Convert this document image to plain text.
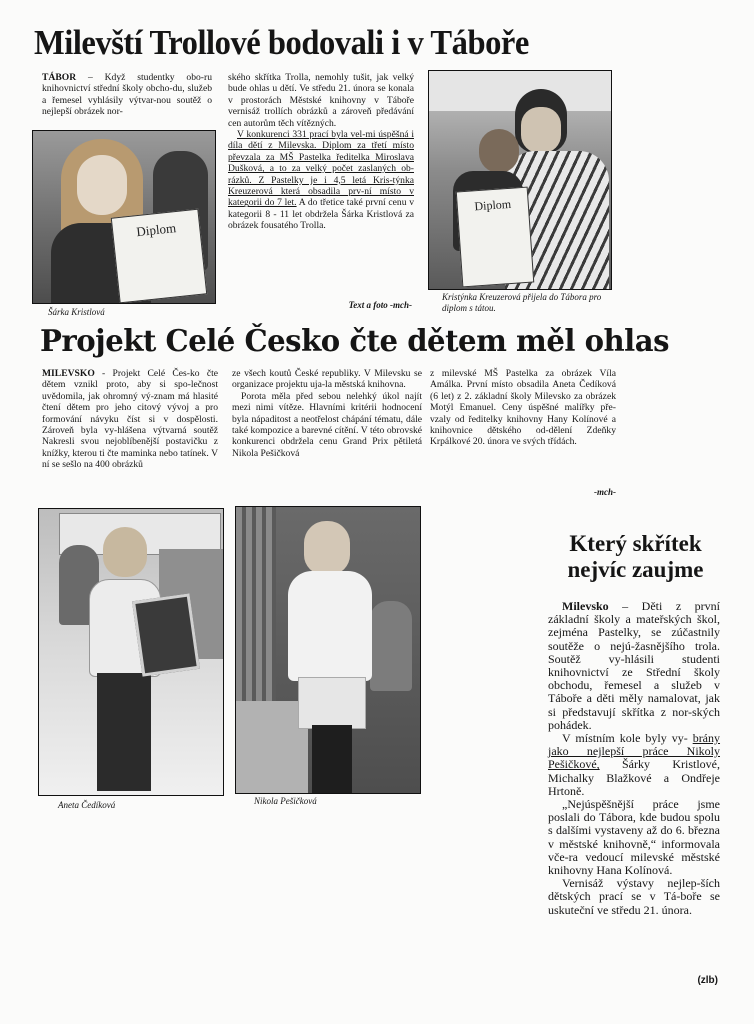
Milevští Trollové bodovali i v Táboře

TÁBOR – Když studentky obo-ru knihovnictví střední školy obcho-du, služeb a řemesel vyhlásily výtvar-nou soutěž o nejlepší obrázek nor-

Diplom
Šárka Kristlová

ského skřítka Trolla, nemohly tušit, jak velký bude ohlas u dětí. Ve středu 21. února se konala v prostorách Městské knihovny v Táboře vernisáž trollích obrázků a zároveň předávání cen autorům těch vítězných.

V konkurenci 331 prací byla vel-mi úspěšná i díla dětí z Milevska. Diplom za třetí místo převzala za MŠ Pastelka ředitelka Miroslava Dušková, a to za velký počet zaslaných ob-rázků. Z Pastelky je i 4,5 letá Kris-týnka Kreuzerová která obsadila prv-ní místo v kategorii do 7 let. A do třetice také první cenu v kategorii 8 - 11 let obdržela Šárka Kristlová za obrázek fousatého Trolla.

Text a foto -mch-
Diplom
Kristýnka Kreuzerová přijela do Tábora pro diplom s tátou.
Projekt Celé Česko čte dětem měl ohlas

MILEVSKO - Projekt Celé Čes-ko čte dětem vznikl proto, aby si spo-lečnost uvědomila, jak ohromný vý-znam má hlasité čtení dětem pro jeho citový vývoj a pro formování návyku číst si v dospělosti. Zároveň byla vy-hlášena výtvarná soutěž Nakresli svou nejoblíbenější postavičku z knížky, kterou ti čte maminka nebo tatínek. V ní se sešlo na 400 obrázků

ze všech koutů České republiky. V Milevsku se organizace projektu uja-la městská knihovna.

Porota měla před sebou nelehký úkol najít mezi nimi vítěze. Hlavními kritérii hodnocení byla nápaditost a neotřelost chápání tématu, dále také kompozice a barevné cítění. V této obrovské konkurenci obdržela cenu Grand Prix pětiletá Nikola Pešičková

z milevské MŠ Pastelka za obrázek Víla Amálka. První místo obsadila Aneta Čedíková (6 let) z 2. základní školy Milevsko za obrázek Motýl Emanuel. Ceny úspěšné malířky pře-vzaly od ředitelky knihovny Hany Kolínové a knihovnice dětského od-dělení Zdeňky Krpálkové 20. února ve svých třídách.

-mch-
Aneta Čedíková	Nikola Pešičková
Který skřítek
nejvíc zaujme

Milevsko – Děti z první základní školy a mateřských škol, zejména Pastelky, se zúčastnily soutěže o nejú-žasnějšího trola. Soutěž vy-hlásili studenti knihovnictví ze Střední školy obchodu, řemesel a služeb v Táboře a děti měly namalovat, jak si představují skřítka z nor-ských pohádek.

V místním kole byly vy- brány jako nejlepší práce Nikoly Pešičkové, Šárky Kristlové, Michalky Blažkové a Ondřeje Hrtoně.

„Nejúspěšnější práce jsme poslali do Tábora, kde budou spolu s dalšími vystaveny až do 6. března v městské knihovně,“ informovala vče-ra vedoucí milevské městské knihovny Hana Kolínová.

Vernisáž výstavy nejlep-ších dětských prací se v Tá-boře se uskuteční ve středu 21. února.

(zlb)
